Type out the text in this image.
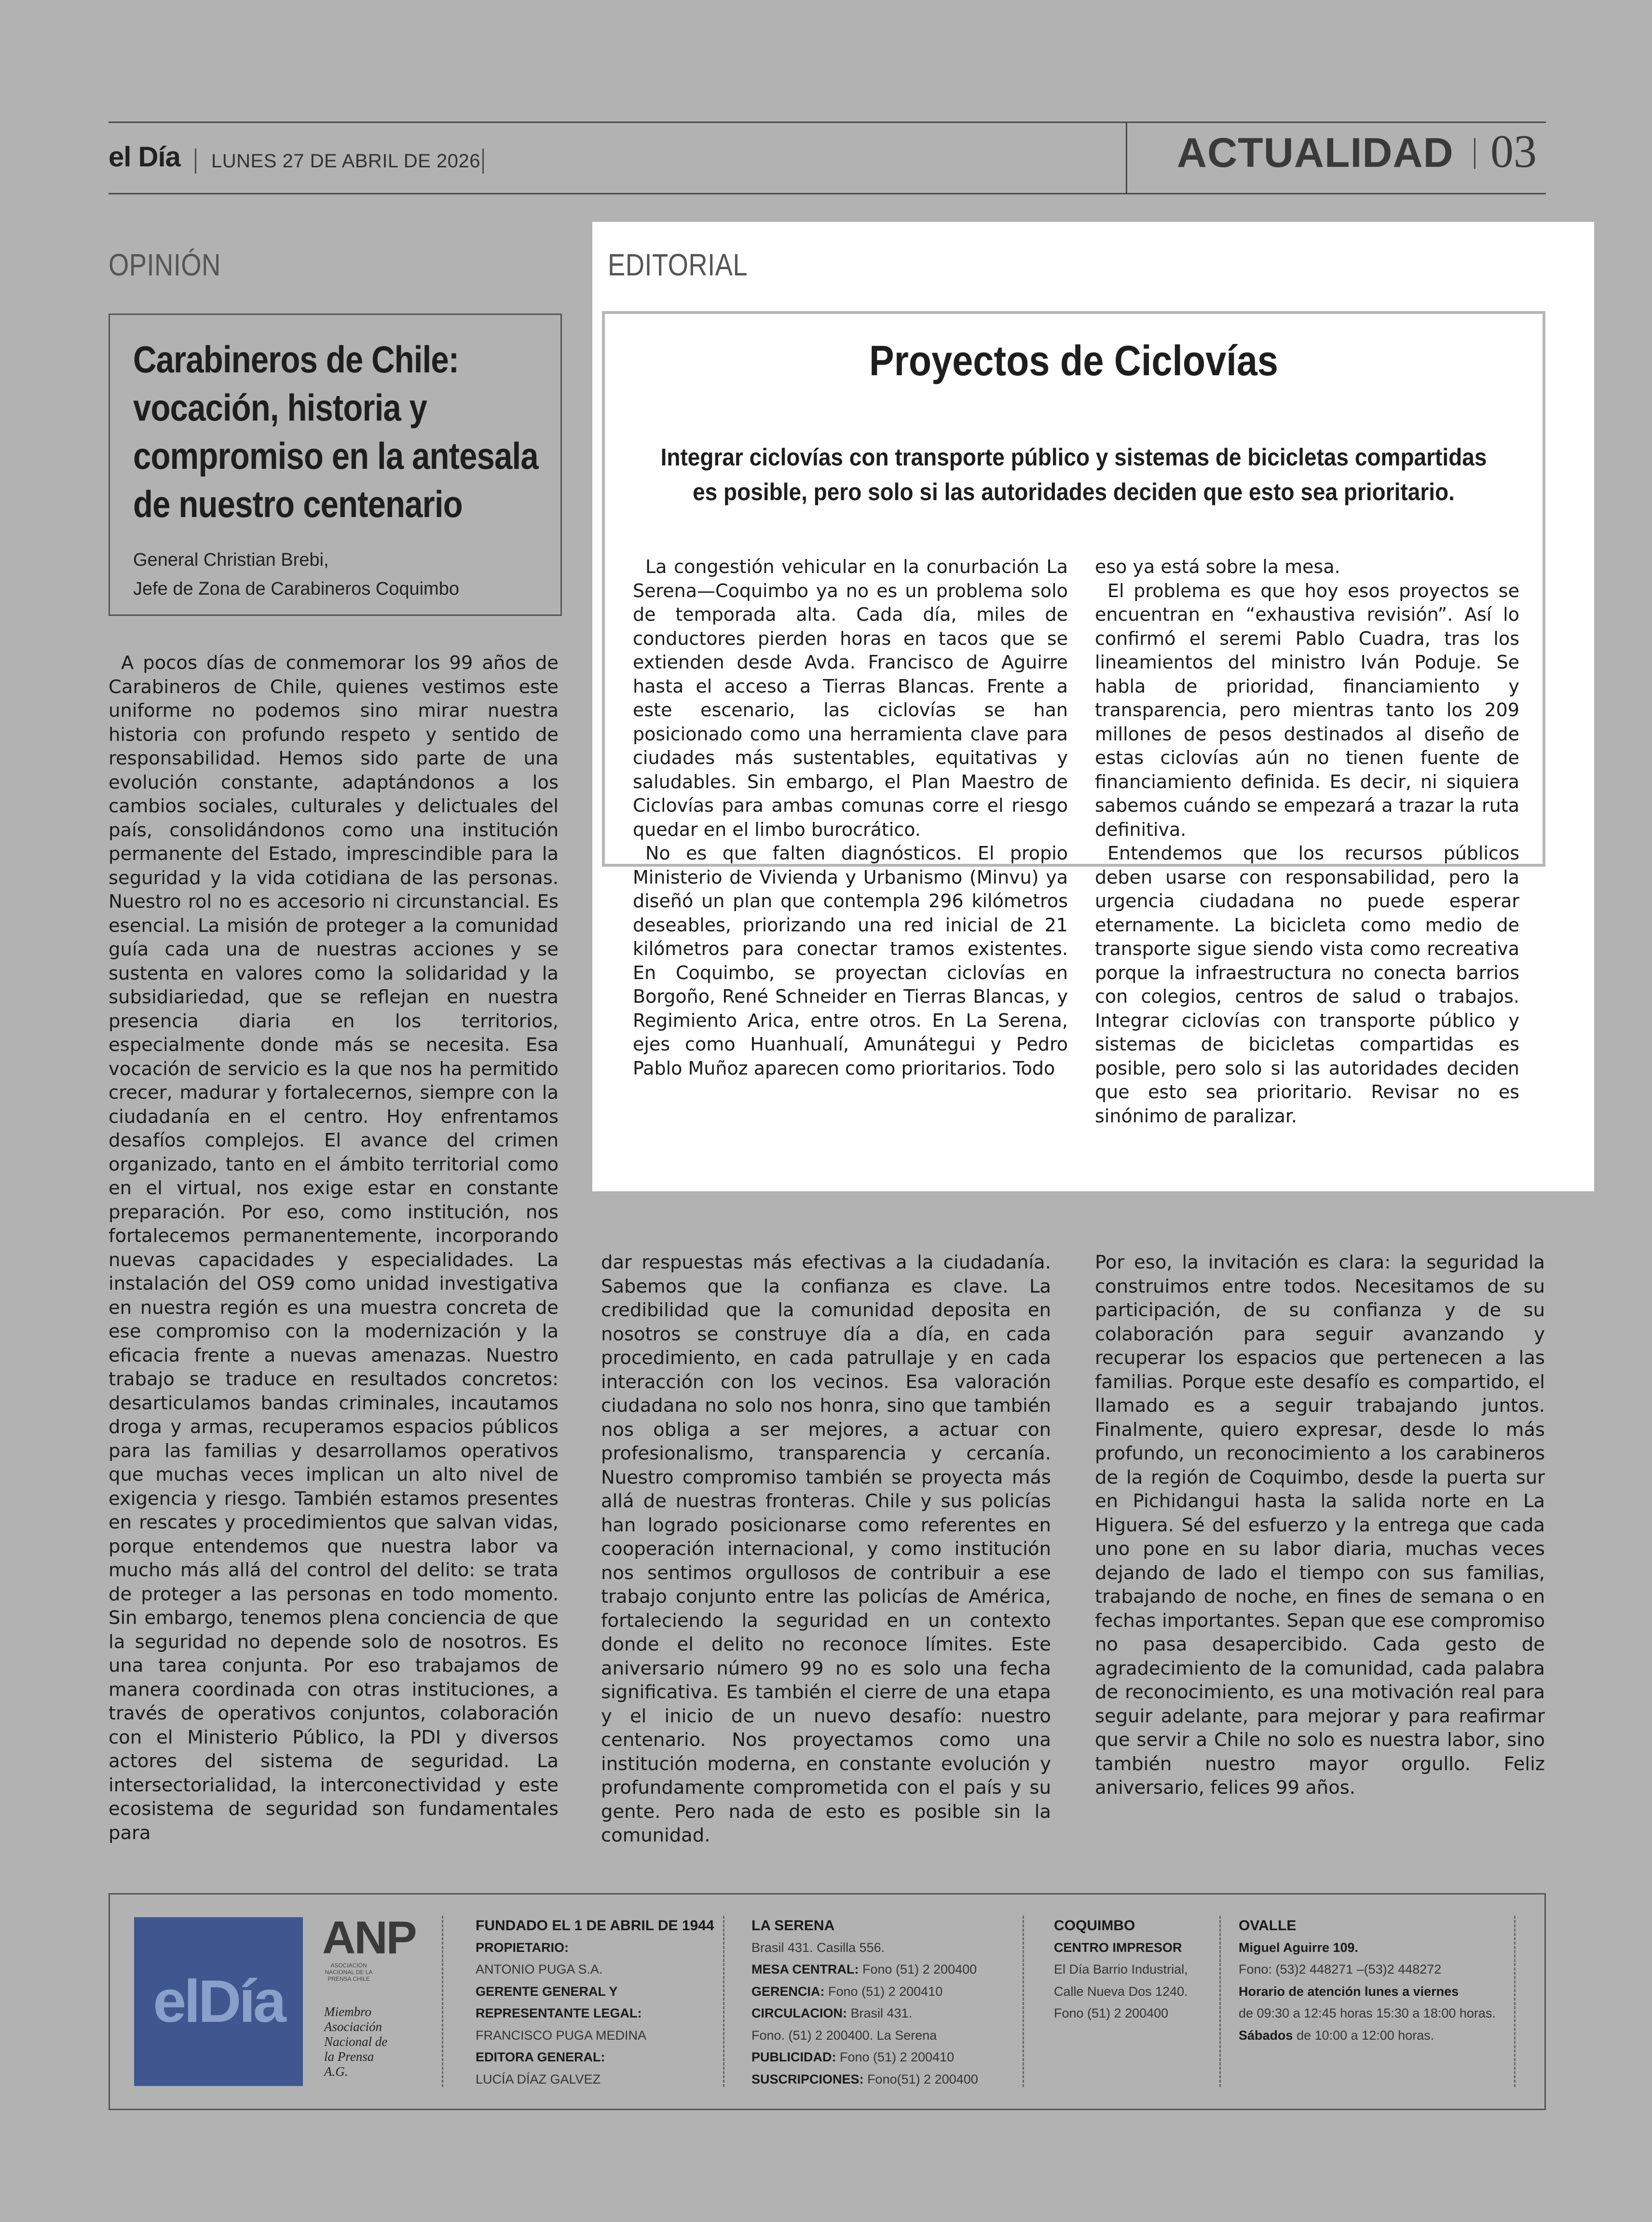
el Día LUNES 27 DE ABRIL DE 2026	ACTUALIDAD 03
OPINIÓN
Carabineros de Chile: vocación, historia y compromiso en la antesala de nuestro centenario
General Christian Brebi,
Jefe de Zona de Carabineros Coquimbo

A pocos días de conmemorar los 99 años de Carabineros de Chile, quienes vestimos este uniforme no podemos sino mirar nuestra historia con profundo respeto y sentido de responsabilidad. Hemos sido parte de una evolución constante, adaptándonos a los cambios sociales, culturales y delictuales del país, consolidándonos como una institución permanente del Estado, imprescindible para la seguridad y la vida cotidiana de las personas. Nuestro rol no es accesorio ni circunstancial. Es esencial. La misión de proteger a la comunidad guía cada una de nuestras acciones y se sustenta en valores como la solidaridad y la subsidiariedad, que se reflejan en nuestra presencia diaria en los territorios, especialmente donde más se necesita. Esa vocación de servicio es la que nos ha permitido crecer, madurar y fortalecernos, siempre con la ciudadanía en el centro. Hoy enfrentamos desafíos complejos. El avance del crimen organizado, tanto en el ámbito territorial como en el virtual, nos exige estar en constante preparación. Por eso, como institución, nos fortalecemos permanentemente, incorporando nuevas capacidades y especialidades. La instalación del OS9 como unidad investigativa en nuestra región es una muestra concreta de ese compromiso con la modernización y la eficacia frente a nuevas amenazas. Nuestro trabajo se traduce en resultados concretos: desarticulamos bandas criminales, incautamos droga y armas, recuperamos espacios públicos para las familias y desarrollamos operativos que muchas veces implican un alto nivel de exigencia y riesgo. También estamos presentes en rescates y procedimientos que salvan vidas, porque entendemos que nuestra labor va mucho más allá del control del delito: se trata de proteger a las personas en todo momento. Sin embargo, tenemos plena conciencia de que la seguridad no depende solo de nosotros. Es una tarea conjunta. Por eso trabajamos de manera coordinada con otras instituciones, a través de operativos conjuntos, colaboración con el Ministerio Público, la PDI y diversos actores del sistema de seguridad. La intersectorialidad, la interconectividad y este ecosistema de seguridad son fundamentales para

dar respuestas más efectivas a la ciudadanía. Sabemos que la confianza es clave. La credibilidad que la comunidad deposita en nosotros se construye día a día, en cada procedimiento, en cada patrullaje y en cada interacción con los vecinos. Esa valoración ciudadana no solo nos honra, sino que también nos obliga a ser mejores, a actuar con profesionalismo, transparencia y cercanía. Nuestro compromiso también se proyecta más allá de nuestras fronteras. Chile y sus policías han logrado posicionarse como referentes en cooperación internacional, y como institución nos sentimos orgullosos de contribuir a ese trabajo conjunto entre las policías de América, fortaleciendo la seguridad en un contexto donde el delito no reconoce límites. Este aniversario número 99 no es solo una fecha significativa. Es también el cierre de una etapa y el inicio de un nuevo desafío: nuestro centenario. Nos proyectamos como una institución moderna, en constante evolución y profundamente comprometida con el país y su gente. Pero nada de esto es posible sin la comunidad.

Por eso, la invitación es clara: la seguridad la construimos entre todos. Necesitamos de su participación, de su confianza y de su colaboración para seguir avanzando y recuperar los espacios que pertenecen a las familias. Porque este desafío es compartido, el llamado es a seguir trabajando juntos. Finalmente, quiero expresar, desde lo más profundo, un reconocimiento a los carabineros de la región de Coquimbo, desde la puerta sur en Pichidangui hasta la salida norte en La Higuera. Sé del esfuerzo y la entrega que cada uno pone en su labor diaria, muchas veces dejando de lado el tiempo con sus familias, trabajando de noche, en fines de semana o en fechas importantes. Sepan que ese compromiso no pasa desapercibido. Cada gesto de agradecimiento de la comunidad, cada palabra de reconocimiento, es una motivación real para seguir adelante, para mejorar y para reafirmar que servir a Chile no solo es nuestra labor, sino también nuestro mayor orgullo. Feliz aniversario, felices 99 años.

EDITORIAL
Proyectos de Ciclovías
Integrar ciclovías con transporte público y sistemas de bicicletas compartidas
es posible, pero solo si las autoridades deciden que esto sea prioritario.

La congestión vehicular en la conurbación La Serena—Coquimbo ya no es un problema solo de temporada alta. Cada día, miles de conductores pierden horas en tacos que se extienden desde Avda. Francisco de Aguirre hasta el acceso a Tierras Blancas. Frente a este escenario, las ciclovías se han posicionado como una herramienta clave para ciudades más sustentables, equitativas y saludables. Sin embargo, el Plan Maestro de Ciclovías para ambas comunas corre el riesgo quedar en el limbo burocrático.

No es que falten diagnósticos. El propio Ministerio de Vivienda y Urbanismo (Minvu) ya diseñó un plan que contempla 296 kilómetros deseables, priorizando una red inicial de 21 kilómetros para conectar tramos existentes. En Coquimbo, se proyectan ciclovías en Borgoño, René Schneider en Tierras Blancas, y Regimiento Arica, entre otros. En La Serena, ejes como Huanhualí, Amunátegui y Pedro Pablo Muñoz aparecen como prioritarios. Todo

eso ya está sobre la mesa.

El problema es que hoy esos proyectos se encuentran en “exhaustiva revisión”. Así lo confirmó el seremi Pablo Cuadra, tras los lineamientos del ministro Iván Poduje. Se habla de prioridad, financiamiento y transparencia, pero mientras tanto los 209 millones de pesos destinados al diseño de estas ciclovías aún no tienen fuente de financiamiento definida. Es decir, ni siquiera sabemos cuándo se empezará a trazar la ruta definitiva.

Entendemos que los recursos públicos deben usarse con responsabilidad, pero la urgencia ciudadana no puede esperar eternamente. La bicicleta como medio de transporte sigue siendo vista como recreativa porque la infraestructura no conecta barrios con colegios, centros de salud o trabajos. Integrar ciclovías con transporte público y sistemas de bicicletas compartidas es posible, pero solo si las autoridades deciden que esto sea prioritario. Revisar no es sinónimo de paralizar.

elDía
ANP
ASOCIACIÓN NACIONAL DE LA PRENSA CHILE
Miembro
Asociación
Nacional de
la Prensa
A.G.
FUNDADO EL 1 DE ABRIL DE 1944
PROPIETARIO:
ANTONIO PUGA S.A.
GERENTE GENERAL Y
REPRESENTANTE LEGAL:
FRANCISCO PUGA MEDINA
EDITORA GENERAL:
LUCÍA DÍAZ GALVEZ
LA SERENA
Brasil 431. Casilla 556.
MESA CENTRAL: Fono (51) 2 200400
GERENCIA: Fono (51) 2 200410
CIRCULACION: Brasil 431.
Fono. (51) 2 200400. La Serena
PUBLICIDAD: Fono (51) 2 200410
SUSCRIPCIONES: Fono(51) 2 200400
COQUIMBO
CENTRO IMPRESOR
El Día Barrio Industrial,
Calle Nueva Dos 1240.
Fono (51) 2 200400
OVALLE
Miguel Aguirre 109.
Fono: (53)2 448271 –(53)2 448272
Horario de atención lunes a viernes
de 09:30 a 12:45 horas 15:30 a 18:00 horas.
Sábados de 10:00 a 12:00 horas.
